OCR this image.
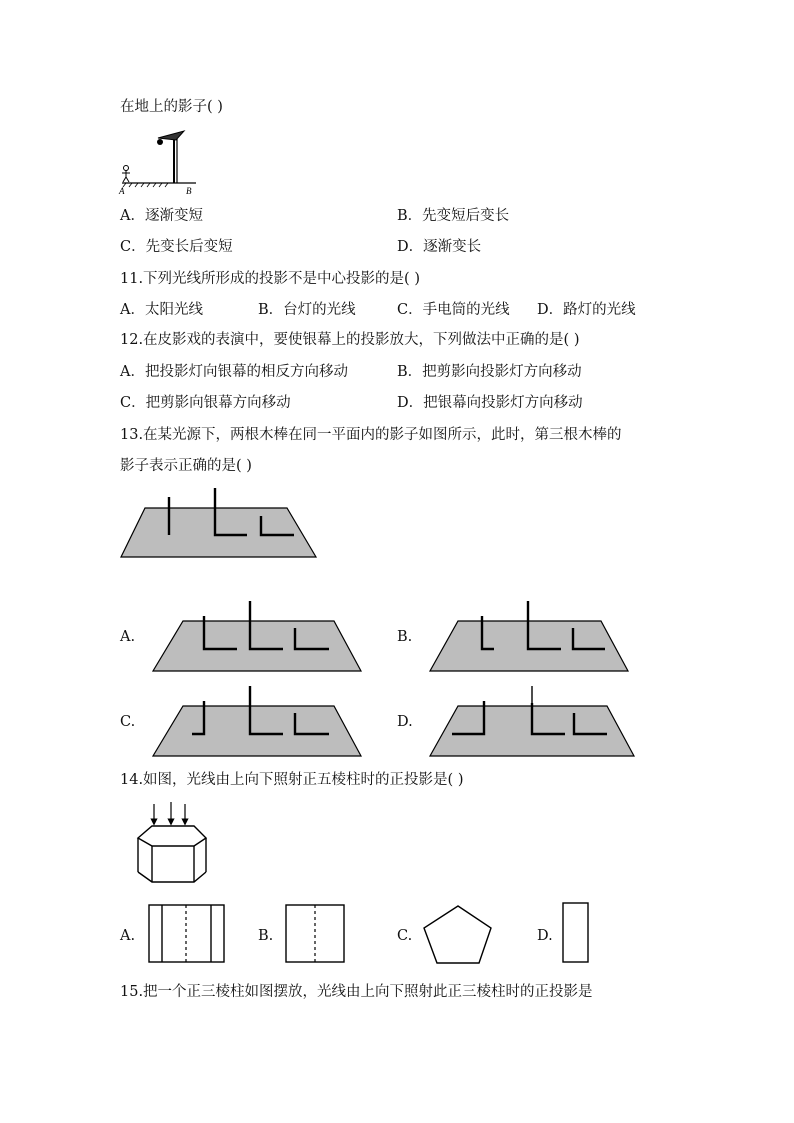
在地上的影子( )
A	B
A．逐渐变短	B．先变短后变长
C．先变长后变短	D．逐渐变长
11.下列光线所形成的投影不是中心投影的是( )
A．太阳光线	B．台灯的光线	C．手电筒的光线 D．路灯的光线
12.在皮影戏的表演中，要使银幕上的投影放大，下列做法中正确的是( )
A．把投影灯向银幕的相反方向移动	B．把剪影向投影灯方向移动
C．把剪影向银幕方向移动	D．把银幕向投影灯方向移动
13.在某光源下，两根木棒在同一平面内的影子如图所示，此时，第三根木棒的
影子表示正确的是( )
A.	B.
C.	D.
14.如图，光线由上向下照射正五棱柱时的正投影是( )
A.	B.	C.	D.
15.把一个正三棱柱如图摆放，光线由上向下照射此正三棱柱时的正投影是
